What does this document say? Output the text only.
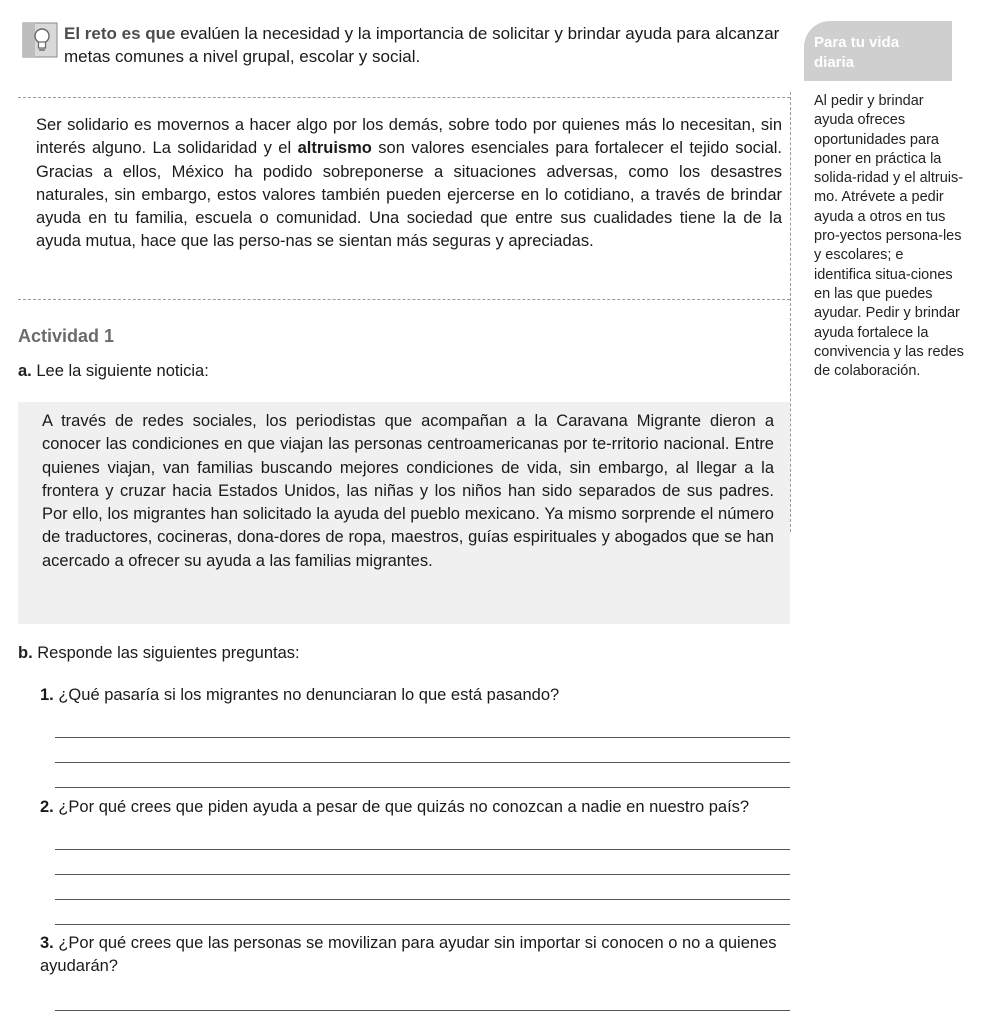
El reto es que evalúen la necesidad y la importancia de solicitar y brindar ayuda para alcanzar metas comunes a nivel grupal, escolar y social.
Para tu vida diaria
Al pedir y brindar ayuda ofreces oportunidades para poner en práctica la solida-ridad y el altruis-mo. Atrévete a pedir ayuda a otros en tus pro-yectos persona-les y escolares; e identifica situa-ciones en las que puedes ayudar. Pedir y brindar ayuda fortalece la convivencia y las redes de colaboración.
Ser solidario es movernos a hacer algo por los demás, sobre todo por quienes más lo necesitan, sin interés alguno. La solidaridad y el altruismo son valores esenciales para fortalecer el tejido social. Gracias a ellos, México ha podido sobreponerse a situaciones adversas, como los desastres naturales, sin embargo, estos valores también pueden ejercerse en lo cotidiano, a través de brindar ayuda en tu familia, escuela o comunidad. Una sociedad que entre sus cualidades tiene la de la ayuda mutua, hace que las perso-nas se sientan más seguras y apreciadas.
Actividad 1
a. Lee la siguiente noticia:
A través de redes sociales, los periodistas que acompañan a la Caravana Migrante dieron a conocer las condiciones en que viajan las personas centroamericanas por te-rritorio nacional. Entre quienes viajan, van familias buscando mejores condiciones de vida, sin embargo, al llegar a la frontera y cruzar hacia Estados Unidos, las niñas y los niños han sido separados de sus padres. Por ello, los migrantes han solicitado la ayuda del pueblo mexicano. Ya mismo sorprende el número de traductores, cocineras, dona-dores de ropa, maestros, guías espirituales y abogados que se han acercado a ofrecer su ayuda a las familias migrantes.
b. Responde las siguientes preguntas:
1. ¿Qué pasaría si los migrantes no denunciaran lo que está pasando?
2. ¿Por qué crees que piden ayuda a pesar de que quizás no conozcan a nadie en nuestro país?
3. ¿Por qué crees que las personas se movilizan para ayudar sin importar si conocen o no a quienes ayudarán?
